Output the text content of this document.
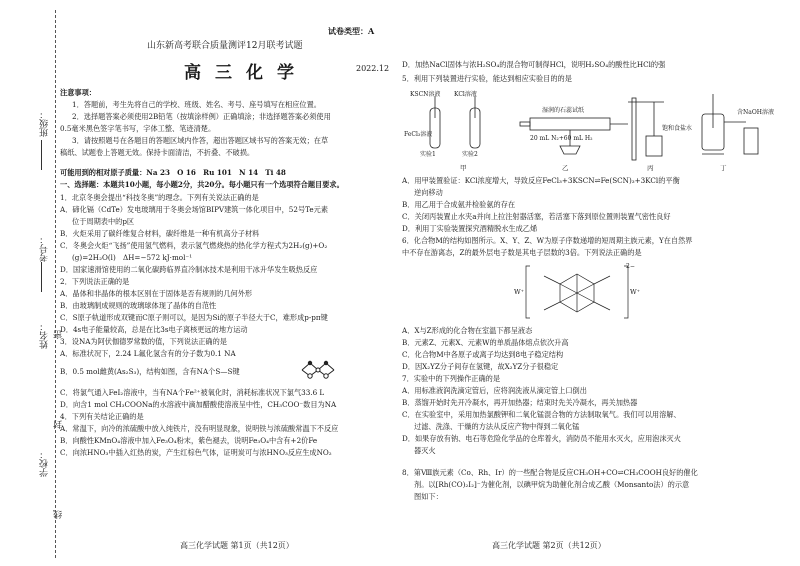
班级：
考号：
姓名：
学校：
密
封
线
试卷类型：A
山东新高考联合质量测评12月联考试题
高三化学	2022.12
注意事项：
1．答题前，考生先将自己的学校、班级、姓名、考号、座号填写在相应位置。
2．选择题答案必须使用2B铅笔（按填涂样例）正确填涂；非选择题答案必须使用
0.5毫米黑色签字笔书写，字体工整、笔迹清楚。
3．请按照题号在各题目的答题区域内作答，超出答题区域书写的答案无效；在草
稿纸、试题卷上答题无效。保持卡面清洁，不折叠、不破损。
可能用到的相对原子质量：Na 23　O 16　Ru 101　N 14　Ti 48
一、选择题：本题共10小题，每小题2分，共20分。每小题只有一个选项符合题目要求。
1．北京冬奥会提出“科技冬奥”的理念。下列有关说法正确的是
A．碲化镉（CdTe）发电玻璃用于冬奥会场馆BIPV建筑一体化项目中，52号Te元素
位于周期表中的p区
B．火炬采用了碳纤维复合材料，碳纤维是一种有机高分子材料
C．冬奥会火炬“飞扬”使用氢气燃料，表示氢气燃烧热的热化学方程式为2H₂(g)+O₂
(g)=2H₂O(l)　ΔH=−572 kJ·mol⁻¹
D．国家速滑馆使用的二氧化碳跨临界直冷制冰技术是利用干冰升华发生吸热反应
2．下列说法正确的是
A．晶体和非晶体的根本区别在于固体是否有规则的几何外形
B．由玻璃制成规则的玻璃球体现了晶体的自范性
C．S原子轨道形成双键而C原子则可以，是因为Si的原子半径大于C，难形成p-pπ键
D．4s电子能量较高，总是在比3s电子离核更远的地方运动
3．设NA为阿伏伽德罗常数的值，下列说法正确的是
A．标准状况下，2.24 L氟化氢含有的分子数为0.1 NA
B．0.5 mol雌黄(As₂S₃)，结构如图，含有NA个S—S键
C．将氯气通入FeI₂溶液中，当有NA个Fe²⁺被氧化时，消耗标准状况下氯气33.6 L
D．向含1 mol CH₃COONa的水溶液中滴加醋酸使溶液呈中性，CH₃COO⁻数目为NA
4．下列有关结论正确的是
A．常温下，向冷的浓硫酸中放入纯铁片，没有明显现象，说明铁与浓硫酸常温下不反应
B．向酸性KMnO₄溶液中加入Fe₃O₄粉末，紫色褪去，说明Fe₃O₄中含有+2价Fe
C．向浓HNO₃中插入红热的炭，产生红棕色气体，证明炭可与浓HNO₃反应生成NO₂
高三化学试题 第1页（共12页）
D．加热NaCl固体与浓H₂SO₄的混合物可制得HCl，说明H₂SO₄的酸性比HCl的强
5．利用下列装置进行实验，能达到相应实验目的的是
KSCN溶液 KCl溶液
FeCl₃溶液
实验1	实验2
湿润的石蕊试纸
20 mL N₂+60 mL H₂
饱和食盐水
含NaOH溶液
甲	乙	丙	丁
A．用甲装置验证：KCl浓度增大，导致反应FeCl₃+3KSCN⇌Fe(SCN)₃+3KCl的平衡
逆向移动
B．用乙用于合成氨并检验氨的存在
C．关闭丙装置止水夹a并向上拉注射器活塞，若活塞下落到原位置则装置气密性良好
D．利用丁实验装置探究酒精脱水生成乙烯
6．化合物M的结构如图所示。X、Y、Z、W为原子序数递增的短周期主族元素，Y在自然界
中不存在游离态，Z的最外层电子数是其电子层数的3倍。下列说法正确的是
W⁺	W⁺
2−
A．X与Z形成的化合物在室温下都呈液态
B．元素Z、元素X、元素W的单质晶体熔点依次升高
C．化合物M中各原子或离子均达到8电子稳定结构
D．因X₂YZ分子间存在氢键，故X₂YZ分子很稳定
7．实验中的下列操作正确的是
A．用标准液润洗滴定管后，应将润洗液从滴定管上口倒出
B．蒸馏开始时先开冷凝水，再开加热器；结束时先关冷凝水，再关加热器
C．在实验室中，采用加热氯酸钾和二氧化锰混合物的方法制取氧气。我们可以用溶解、
过滤、洗涤、干燥的方法从反应产物中得到二氧化锰
D．如果存放有钠、电石等危险化学品的仓库着火，消防员不能用水灭火，应用泡沫灭火
器灭火
8．第Ⅷ族元素（Co、Rh、Ir）的一些配合物是反应CH₃OH+CO⇌CH₃COOH良好的催化
剂。以[Rh(CO)₂I₂]⁻为催化剂，以碘甲烷为助催化剂合成乙酸（Monsanto法）的示意
图如下：
高三化学试题 第2页（共12页）
